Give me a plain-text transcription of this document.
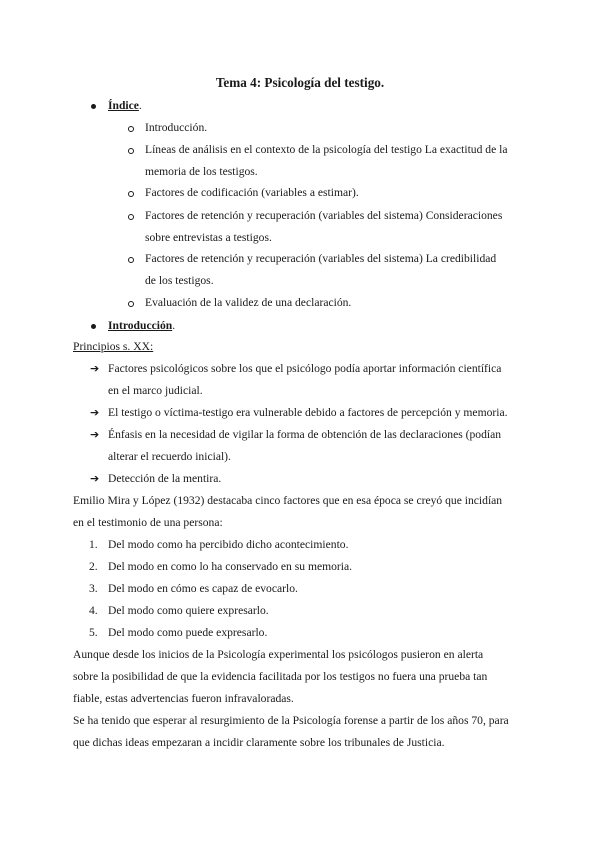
Tema 4: Psicología del testigo.
Índice.
Introducción.
Líneas de análisis en el contexto de la psicología del testigo La exactitud de la
memoria de los testigos.
Factores de codificación (variables a estimar).
Factores de retención y recuperación (variables del sistema) Consideraciones
sobre entrevistas a testigos.
Factores de retención y recuperación (variables del sistema) La credibilidad
de los testigos.
Evaluación de la validez de una declaración.
Introducción.
Principios s. XX:
➔ Factores psicológicos sobre los que el psicólogo podía aportar información científica
en el marco judicial.
➔ El testigo o víctima-testigo era vulnerable debido a factores de percepción y memoria.
➔ Énfasis en la necesidad de vigilar la forma de obtención de las declaraciones (podían
alterar el recuerdo inicial).
➔ Detección de la mentira.
Emilio Mira y López (1932) destacaba cinco factores que en esa época se creyó que incidían
en el testimonio de una persona:
1. Del modo como ha percibido dicho acontecimiento.
2. Del modo en como lo ha conservado en su memoria.
3. Del modo en cómo es capaz de evocarlo.
4. Del modo como quiere expresarlo.
5. Del modo como puede expresarlo.
Aunque desde los inicios de la Psicología experimental los psicólogos pusieron en alerta
sobre la posibilidad de que la evidencia facilitada por los testigos no fuera una prueba tan
fiable, estas advertencias fueron infravaloradas.
Se ha tenido que esperar al resurgimiento de la Psicología forense a partir de los años 70, para
que dichas ideas empezaran a incidir claramente sobre los tribunales de Justicia.
